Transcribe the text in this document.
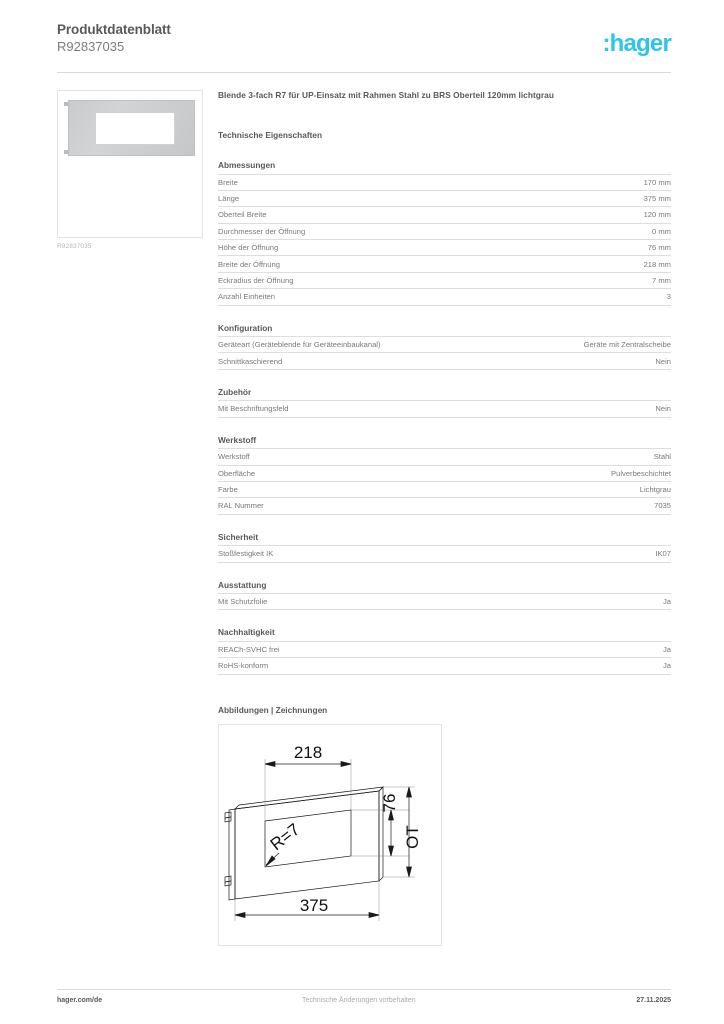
Produktdatenblatt
R92837035	:hager
R92837035
Blende 3-fach R7 für UP-Einsatz mit Rahmen Stahl zu BRS Oberteil 120mm lichtgrau
Technische Eigenschaften
Abmessungen
Breite	170 mm
Länge	375 mm
Oberteil Breite	120 mm
Durchmesser der Öffnung	0 mm
Höhe der Öffnung	76 mm
Breite der Öffnung	218 mm
Eckradius der Öffnung	7 mm
Anzahl Einheiten	3
Konfiguration
Geräteart (Geräteblende für Geräteeinbaukanal)	Geräte mit Zentralscheibe
Schnittkaschierend	Nein
Zubehör
Mit Beschriftungsfeld	Nein
Werkstoff
Werkstoff	Stahl
Oberfläche	Pulverbeschichtet
Farbe	Lichtgrau
RAL Nummer	7035
Sicherheit
Stoßfestigkeit IK	IK07
Ausstattung
Mit Schutzfolie	Ja
Nachhaltigkeit
REACh-SVHC frei	Ja
RoHS-konform	Ja
Abbildungen | Zeichnungen
218
76
OT
375
R=7
hager.com/de	Technische Änderungen vorbehalten	27.11.2025
